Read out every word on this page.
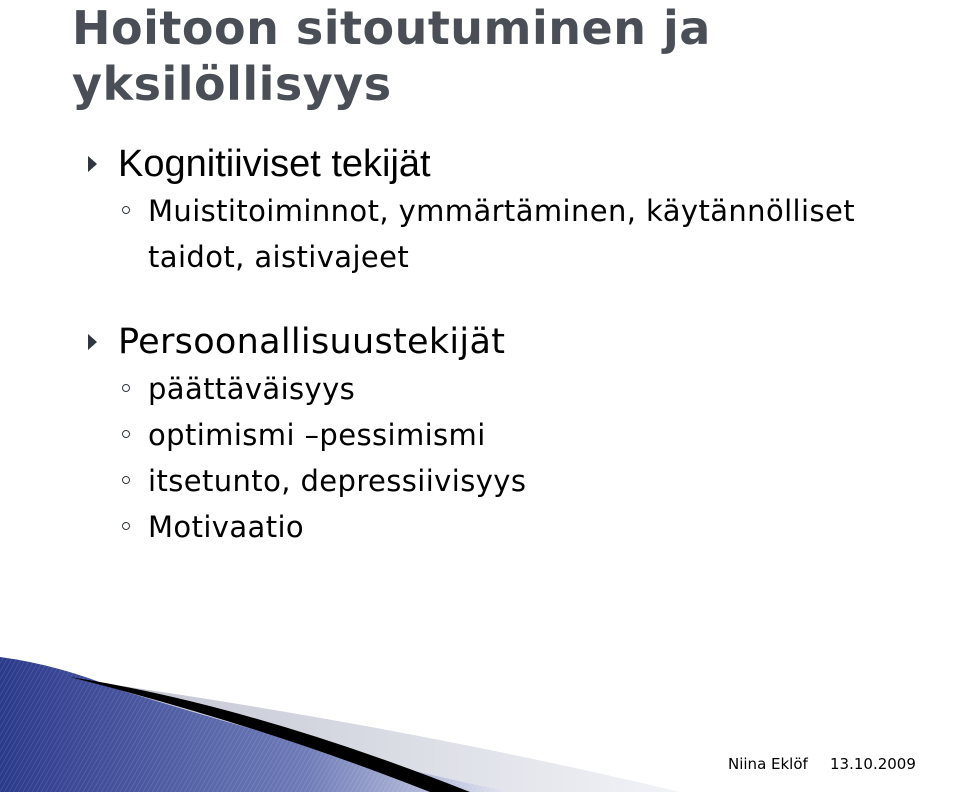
Hoitoon sitoutuminen ja
yksilöllisyys
Kognitiiviset tekijät
Muistitoiminnot, ymmärtäminen, käytännölliset taidot, aistivajeet
Persoonallisuustekijät
päättäväisyys
optimismi –pessimismi
itsetunto, depressiivisyys
Motivaatio
Niina Eklöf 13.10.2009
